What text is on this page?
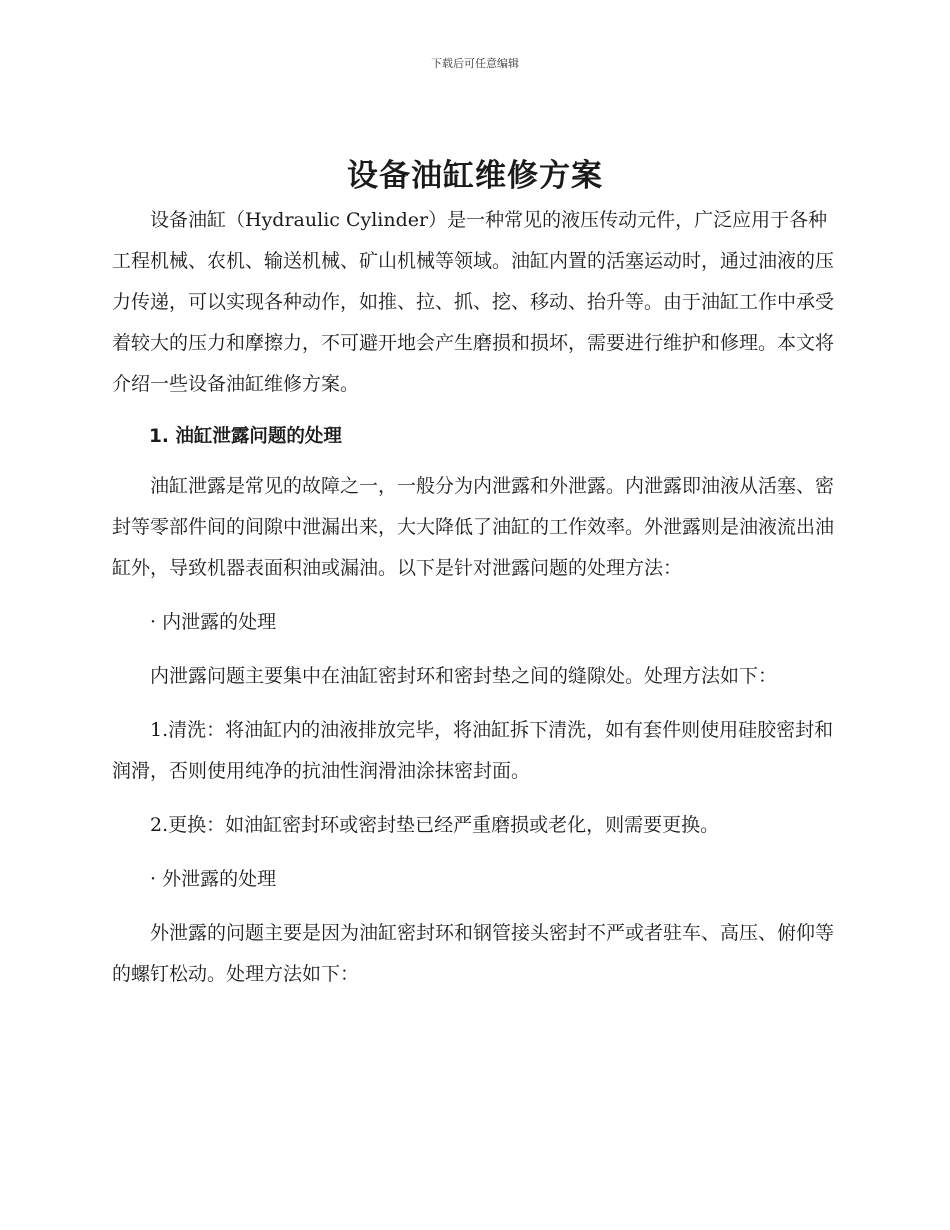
下载后可任意编辑
设备油缸维修方案

设备油缸（Hydraulic Cylinder）是一种常见的液压传动元件，广泛应用于各种工程机械、农机、输送机械、矿山机械等领域。油缸内置的活塞运动时，通过油液的压力传递，可以实现各种动作，如推、拉、抓、挖、移动、抬升等。由于油缸工作中承受着较大的压力和摩擦力，不可避开地会产生磨损和损坏，需要进行维护和修理。本文将介绍一些设备油缸维修方案。

1. 油缸泄露问题的处理

油缸泄露是常见的故障之一，一般分为内泄露和外泄露。内泄露即油液从活塞、密封等零部件间的间隙中泄漏出来，大大降低了油缸的工作效率。外泄露则是油液流出油缸外，导致机器表面积油或漏油。以下是针对泄露问题的处理方法：

· 内泄露的处理

内泄露问题主要集中在油缸密封环和密封垫之间的缝隙处。处理方法如下：

1.清洗：将油缸内的油液排放完毕，将油缸拆下清洗，如有套件则使用硅胶密封和润滑，否则使用纯净的抗油性润滑油涂抹密封面。

2.更换：如油缸密封环或密封垫已经严重磨损或老化，则需要更换。

· 外泄露的处理

外泄露的问题主要是因为油缸密封环和钢管接头密封不严或者驻车、高压、俯仰等的螺钉松动。处理方法如下：
